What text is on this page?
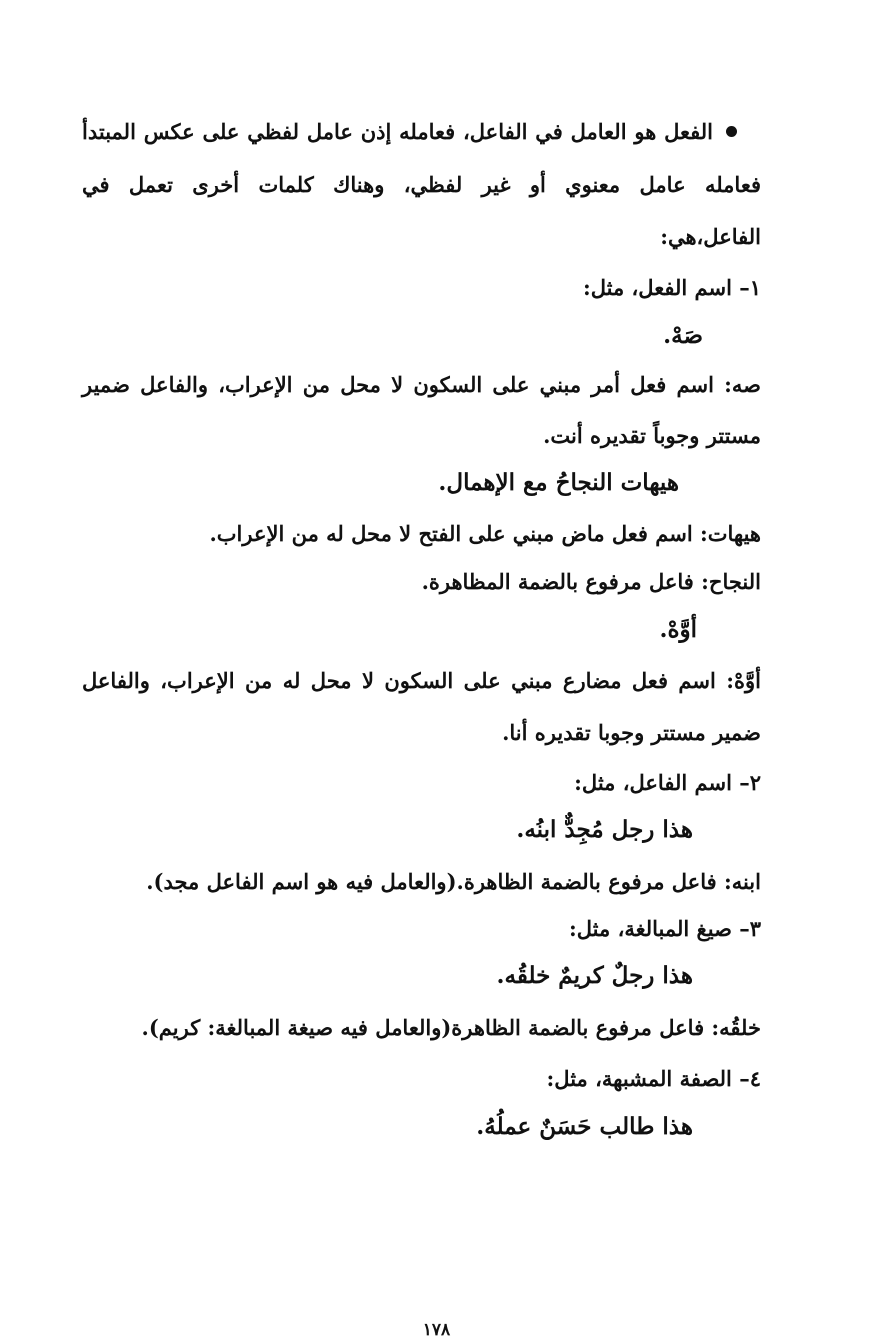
الفعل هو العامل في الفاعل، فعامله إذن عامل لفظي على عكس المبتدأ
فعامله عامل معنوي أو غير لفظي، وهناك كلمات أخرى تعمل في
الفاعل،هي:
١– اسم الفعل، مثل:
صَهْ.
صه: اسم فعل أمر مبني على السكون لا محل من الإعراب، والفاعل ضمير
مستتر وجوباً تقديره أنت.
هيهات النجاحُ مع الإهمال.
هيهات: اسم فعل ماض مبني على الفتح لا محل له من الإعراب.
النجاح: فاعل مرفوع بالضمة المظاهرة.
أوَّهْ.
أوَّهْ: اسم فعل مضارع مبني على السكون لا محل له من الإعراب، والفاعل
ضمير مستتر وجوبا تقديره أنا.
٢– اسم الفاعل، مثل:
هذا رجل مُجِدٌّ ابنُه.
ابنه: فاعل مرفوع بالضمة الظاهرة.(والعامل فيه هو اسم الفاعل مجد).
٣– صيغ المبالغة، مثل:
هذا رجلٌ كريمٌ خلقُه.
خلقُه: فاعل مرفوع بالضمة الظاهرة(والعامل فيه صيغة المبالغة: كريم).
٤– الصفة المشبهة، مثل:
هذا طالب حَسَنٌ عملُهُ.
١٧٨
